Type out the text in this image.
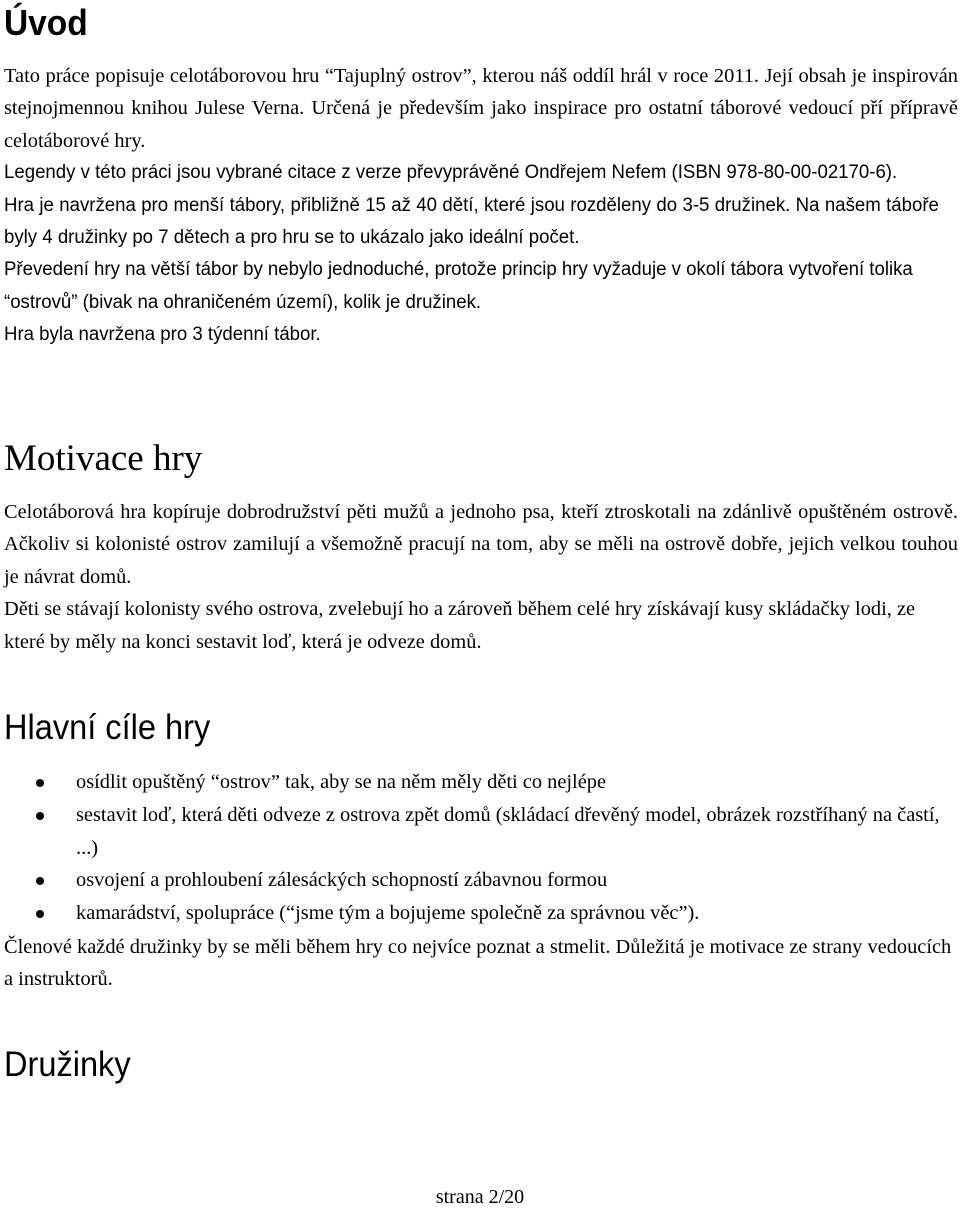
Úvod

Tato práce popisuje celotáborovou hru “Tajuplný ostrov”, kterou náš oddíl hrál v roce 2011. Její obsah je inspirován stejnojmennou knihou Julese Verna. Určená je především jako inspirace pro ostatní táborové vedoucí pří přípravě celotáborové hry.

Legendy v této práci jsou vybrané citace z verze převyprávěné Ondřejem Nefem (ISBN 978-80-00-02170-6).

Hra je navržena pro menší tábory, přibližně 15 až 40 dětí, které jsou rozděleny do 3-5 družinek. Na našem táboře byly 4 družinky po 7 dětech a pro hru se to ukázalo jako ideální počet.

Převedení hry na větší tábor by nebylo jednoduché, protože princip hry vyžaduje v okolí tábora vytvoření tolika “ostrovů” (bivak na ohraničeném území), kolik je družinek.

Hra byla navržena pro 3 týdenní tábor.

Motivace hry

Celotáborová hra kopíruje dobrodružství pěti mužů a jednoho psa, kteří ztroskotali na zdánlivě opuštěném ostrově. Ačkoliv si kolonisté ostrov zamilují a všemožně pracují na tom, aby se měli na ostrově dobře, jejich velkou touhou je návrat domů.

Děti se stávají kolonisty svého ostrova, zvelebují ho a zároveň během celé hry získávají kusy skládačky lodi, ze které by měly na konci sestavit loď, která je odveze domů.

Hlavní cíle hry
osídlit opuštěný “ostrov” tak, aby se na něm měly děti co nejlépe
sestavit loď, která děti odveze z ostrova zpět domů (skládací dřevěný model, obrázek rozstříhaný na častí, ...)
osvojení a prohloubení zálesáckých schopností zábavnou formou
kamarádství, spolupráce (“jsme tým a bojujeme společně za správnou věc”).

Členové každé družinky by se měli během hry co nejvíce poznat a stmelit. Důležitá je motivace ze strany vedoucích a instruktorů.

Družinky
strana 2/20
